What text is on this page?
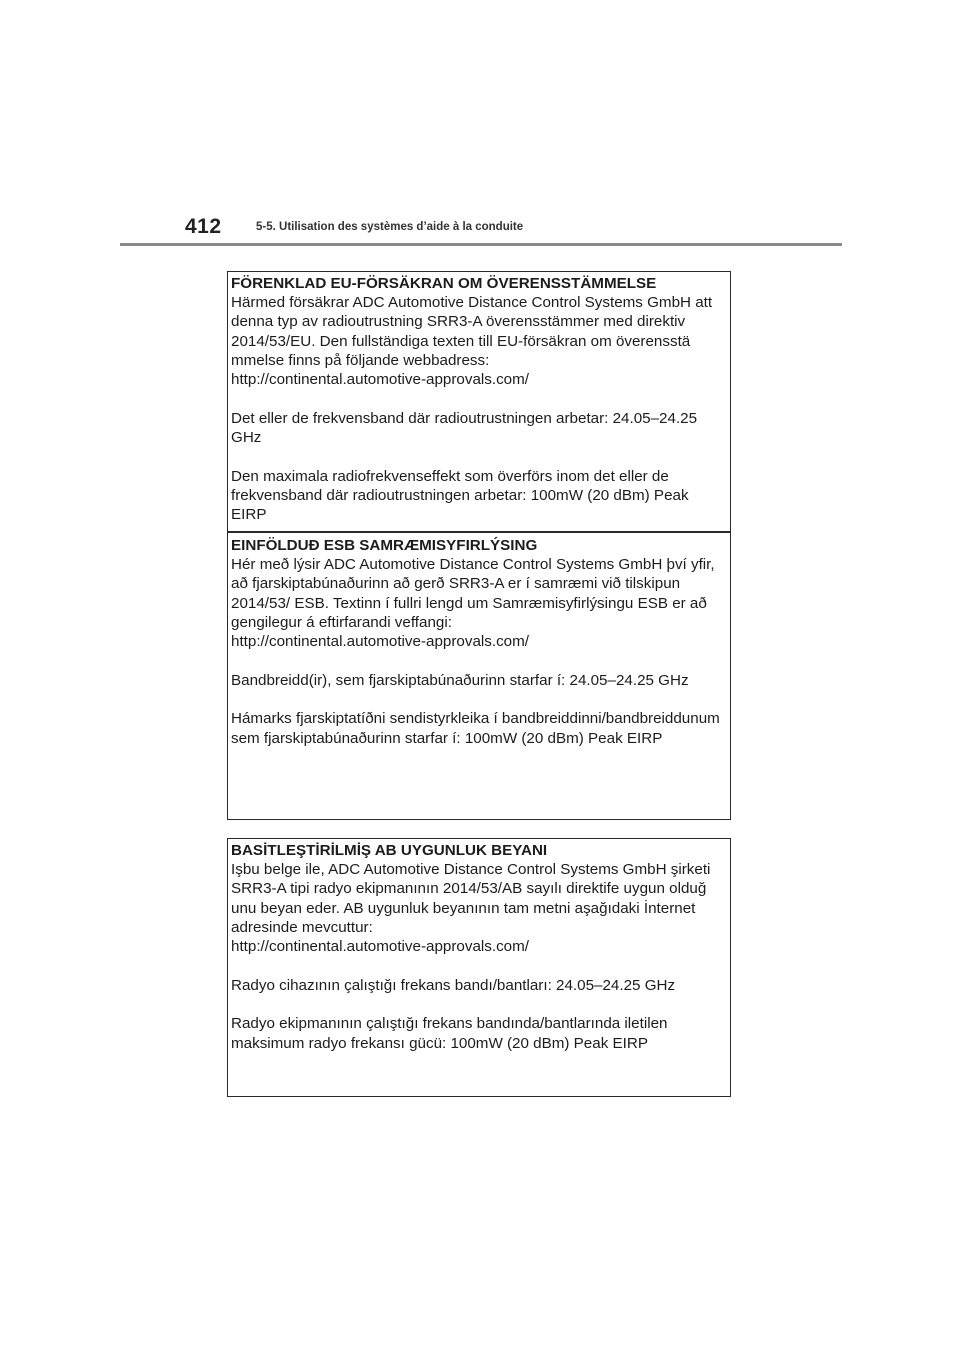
412	5-5. Utilisation des systèmes d’aide à la conduite
FÖRENKLAD EU-FÖRSÄKRAN OM ÖVERENSSTÄMMELSE
Härmed försäkrar ADC Automotive Distance Control Systems GmbH att
denna typ av radioutrustning SRR3-A överensstämmer med direktiv
2014/53/EU. Den fullständiga texten till EU-försäkran om överensstä
mmelse finns på följande webbadress:
http://continental.automotive-approvals.com/
Det eller de frekvensband där radioutrustningen arbetar: 24.05–24.25
GHz
Den maximala radiofrekvenseffekt som överförs inom det eller de
frekvensband där radioutrustningen arbetar: 100mW (20 dBm) Peak
EIRP
EINFÖLDUÐ ESB SAMRÆMISYFIRLÝSING
Hér með lýsir ADC Automotive Distance Control Systems GmbH því yfir,
að fjarskiptabúnaðurinn að gerð SRR3-A er í samræmi við tilskipun
2014/53/ ESB. Textinn í fullri lengd um Samræmisyfirlýsingu ESB er að
gengilegur á eftirfarandi veffangi:
http://continental.automotive-approvals.com/
Bandbreidd(ir), sem fjarskiptabúnaðurinn starfar í: 24.05–24.25 GHz
Hámarks fjarskiptatíðni sendistyrkleika í bandbreiddinni/bandbreiddunum
sem fjarskiptabúnaðurinn starfar í: 100mW (20 dBm) Peak EIRP
BASİTLEŞTİRİLMİŞ AB UYGUNLUK BEYANI
Işbu belge ile, ADC Automotive Distance Control Systems GmbH şirketi
SRR3-A tipi radyo ekipmanının 2014/53/AB sayılı direktife uygun olduğ
unu beyan eder. AB uygunluk beyanının tam metni aşağıdaki İnternet
adresinde mevcuttur:
http://continental.automotive-approvals.com/
Radyo cihazının çalıştığı frekans bandı/bantları: 24.05–24.25 GHz
Radyo ekipmanının çalıştığı frekans bandında/bantlarında iletilen
maksimum radyo frekansı gücü: 100mW (20 dBm) Peak EIRP
